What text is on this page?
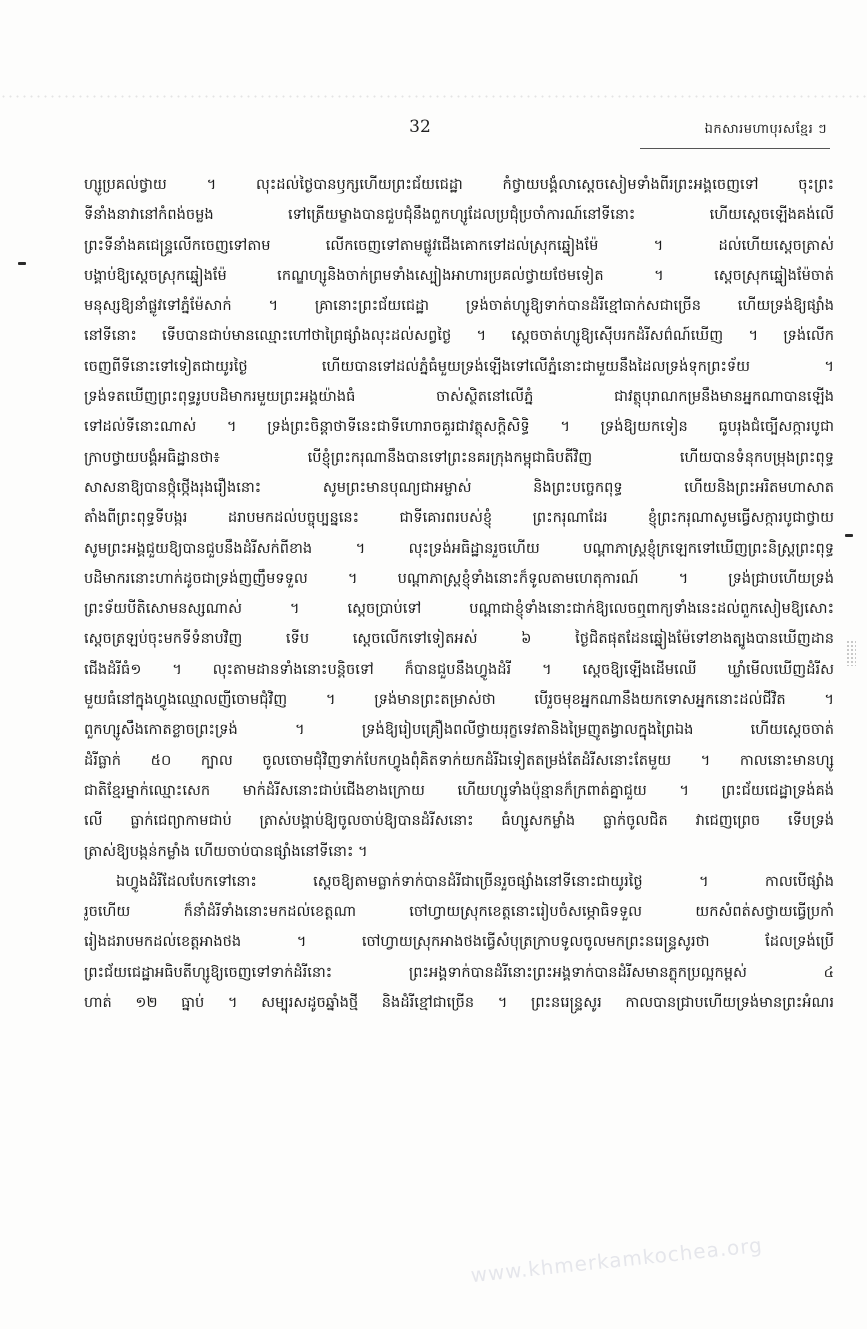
32	ឯកសារមហាបុរសខ្មែរ ៗ
ហ្សូប្រគល់ថ្វាយ ។ លុះដល់ថ្ងៃបានឫក្សហើយព្រះជ័យជេដ្ឋា កំថ្វាយបង្គំលាស្តេចសៀមទាំងពីរព្រះអង្គចេញទៅ ចុះព្រះ
ទីនាំងនាវានៅកំពង់ចម្លង ទៅត្រើយម្ខាងបានជួបជុំនឹងពួកហ្សូដែលប្រជុំប្រចាំការណ៍នៅទីនោះ ហើយស្តេចឡើងគង់លើ
ព្រះទីនាំងគជេន្ទ្រលើកចេញទៅតាម លើកចេញទៅតាមផ្លូវជើងគោកទៅដល់ស្រុកឆ្នៀងម៉ែ ។ ដល់ហើយស្តេចត្រាស់
បង្គាប់ឱ្យស្តេចស្រុកឆ្នៀងម៉ែ កេណ្ឌហ្សូនិងចាក់ព្រមទាំងស្បៀងអាហារប្រគល់ថ្វាយថែមទៀត ។ ស្តេចស្រុកឆ្នៀងម៉ែចាត់
មនុស្សឱ្យនាំផ្លូវទៅភ្នំម៉ែសាក់ ។ គ្រានោះព្រះជ័យជេដ្ឋា ទ្រង់ចាត់ហ្សូឱ្យទាក់បានដំរីខ្មៅធាក់សជាច្រើន ហើយទ្រង់ឱ្យផ្សាំង
នៅទីនោះ ទើបបានជាប់មានឈ្មោះហៅថាព្រៃផ្សាំងលុះដល់សព្វថ្ងៃ ។ ស្តេចចាត់ហ្សូឱ្យស៊ើបរកដំរីសព៌ណ៍ឃើញ ។ ទ្រង់លើក
ចេញពីទីនោះទៅទៀតជាយូរថ្ងៃ ហើយបានទៅដល់ភ្នំធំមួយទ្រង់ឡើងទៅលើភ្នំនោះជាមួយនឹងដៃលទ្រង់ទុកព្រះទ័យ ។
ទ្រង់ទតឃើញព្រះពុទ្ធរូបបដិមាករមួយព្រះអង្គយ៉ាងធំ ចាស់ស្ថិតនៅលើភ្នំ ជាវត្ថុបុរាណកម្រនឹងមានអ្នកណាបានឡើង
ទៅដល់ទីនោះណាស់ ។ ទ្រង់ព្រះចិន្តាថាទីនេះជាទីហោរាចគួរជាវត្ថុសក្តិសិទ្ធិ ។ ទ្រង់ឱ្យយកទៀន ធូបរុងជំច្បើសក្ការបូជា
ក្រាបថ្វាយបង្គំអធិដ្ឋានថា៖ បើខ្ញុំព្រះករុណានឹងបានទៅព្រះនគរក្រុងកម្ពុជាធិបតីវិញ ហើយបានទំនុកបម្រុងព្រះពុទ្ធ
សាសនាឱ្យបានថ្កុំថ្កើងរុងរឿងនោះ សូមព្រះមានបុណ្យជាអម្ចាស់ និងព្រះបច្ចេកពុទ្ធ ហើយនិងព្រះអរិតមហាសាត
តាំងពីព្រះពុទ្ធទីបង្ករ ដរាបមកដល់បច្ចុប្បន្ននេះ ជាទីគោរពរបស់ខ្ញុំ ព្រះករុណាដែរ ខ្ញុំព្រះករុណាសូមធ្វើសក្ការបូជាថ្វាយ
សូមព្រះអង្គជួយឱ្យបានជួបនឹងដំរីសក់ពីខាង ។ លុះទ្រង់អធិដ្ឋានរួចហើយ បណ្តាភាស្ត្រខ្ញុំក្រឡេកទៅឃើញព្រះនិស្ត្រព្រះពុទ្ធ
បដិមាករនោះហាក់ដូចជាទ្រង់ញញឹមទទួល ។ បណ្តាភាស្ត្រខ្ញុំទាំងនោះក៏ទូលតាមហេតុការណ៍ ។ ទ្រង់ជ្រាបហើយទ្រង់
ព្រះទ័យបីតិសោមនស្សណាស់ ។ ស្តេចប្រាប់ទៅ បណ្តាជាខ្ញុំទាំងនោះជាក់ឱ្យលេចឮពាក្យទាំងនេះដល់ពួកសៀមឱ្យសោះ
ស្តេចត្រឡប់ចុះមកទីទំនាបវិញ ទើប ស្តេចលើកទៅទៀតអស់ ៦ ថ្ងៃជិតផុតដែនឆ្នៀងម៉ែទៅខាងត្បូងបានឃើញដាន
ជើងដំរីធំ១ ។ លុះតាមដានទាំងនោះបន្តិចទៅ ក៏បានជួបនឹងហ្វូងដំរី ។ ស្តេចឱ្យឡើងដើមឈើ ឃ្លាំមើលឃើញដំរីស
មួយធំនៅក្នុងហ្វូងឈ្មោលញីចោមជុំវិញ ។ ទ្រង់មានព្រះតម្រាស់ថា បើរួចមុខអ្នកណានឹងយកទោសអ្នកនោះដល់ជីវិត ។
ពួកហ្សូសឹងកោតខ្លាចព្រះទ្រង់ ។ ទ្រង់ឱ្យរៀបគ្រឿងពលីថ្វាយរុក្ខទេវតានិងម្រៃញូតង្វាលក្នុងព្រៃឯង ហើយស្តេចចាត់
ដំរីធ្លាក់ ៥០ ក្បាល ចូលចោមជុំវិញទាក់បែកហ្វូងពុំគិតទាក់យកដំរីឯទៀតតម្រង់តែដំរីសនោះតែមួយ ។ កាលនោះមានហ្សូ
ជាតិខ្មែរម្នាក់ឈ្មោះសេក មាក់ដំរីសនោះជាប់ជើងខាងក្រោយ ហើយហ្សូទាំងប៉ុន្មានក៏ក្រពាត់គ្នាជួយ ។ ព្រះជ័យជេដ្ឋាទ្រង់គង់
លើ ធ្លាក់ជេព្យាកាមជាប់ ត្រាស់បង្គាប់ឱ្យចូលចាប់ឱ្យបានដំរីសនោះ ធំហ្សូសកម្លាំង ធ្លាក់ចូលជិត វាជេញព្រេច ទើបទ្រង់
ត្រាស់ឱ្យបង្កន់កម្លាំង ហើយចាប់បានផ្សាំងនៅទីនោះ ។
ឯហ្វូងដំរីដែលបែកទៅនោះ ស្តេចឱ្យតាមធ្លាក់ទាក់បានដំរីជាច្រើនរួចផ្សាំងនៅទីនោះជាយូរថ្ងៃ ។ កាលបើផ្សាំង
រួចហើយ ក៏នាំដំរីទាំងនោះមកដល់ខេត្តណា ចៅហ្វាយស្រុកខេត្តនោះរៀបចំសម្ភោធិទទួល យកសំពត់សថ្វាយធ្វើប្រកាំ
រៀងដរាបមកដល់ខេត្តអាងថង ។ ចៅហ្វាយស្រុកអាងថងធ្វើសំបុត្រក្រាបទូលចូលមកព្រះនរេន្ទ្រសូរថា ដែលទ្រង់ប្រើ
ព្រះជ័យជេដ្ឋាអធិបតីហ្សូឱ្យចេញទៅទាក់ដំរីនោះ ព្រះអង្គទាក់បានដំរីនោះព្រះអង្គទាក់បានដំរីសមានភ្លុកប្រល្អកម្ពស់ ៤
ហាត់ ១២ ធ្នាប់ ។ សម្បុរសដូចឆ្នាំងថ្មី និងដំរីខ្មៅជាច្រើន ។ ព្រះនរេន្ទ្រសូរ កាលបានជ្រាបហើយទ្រង់មានព្រះអំណរ
www.khmerkamkochea.org
